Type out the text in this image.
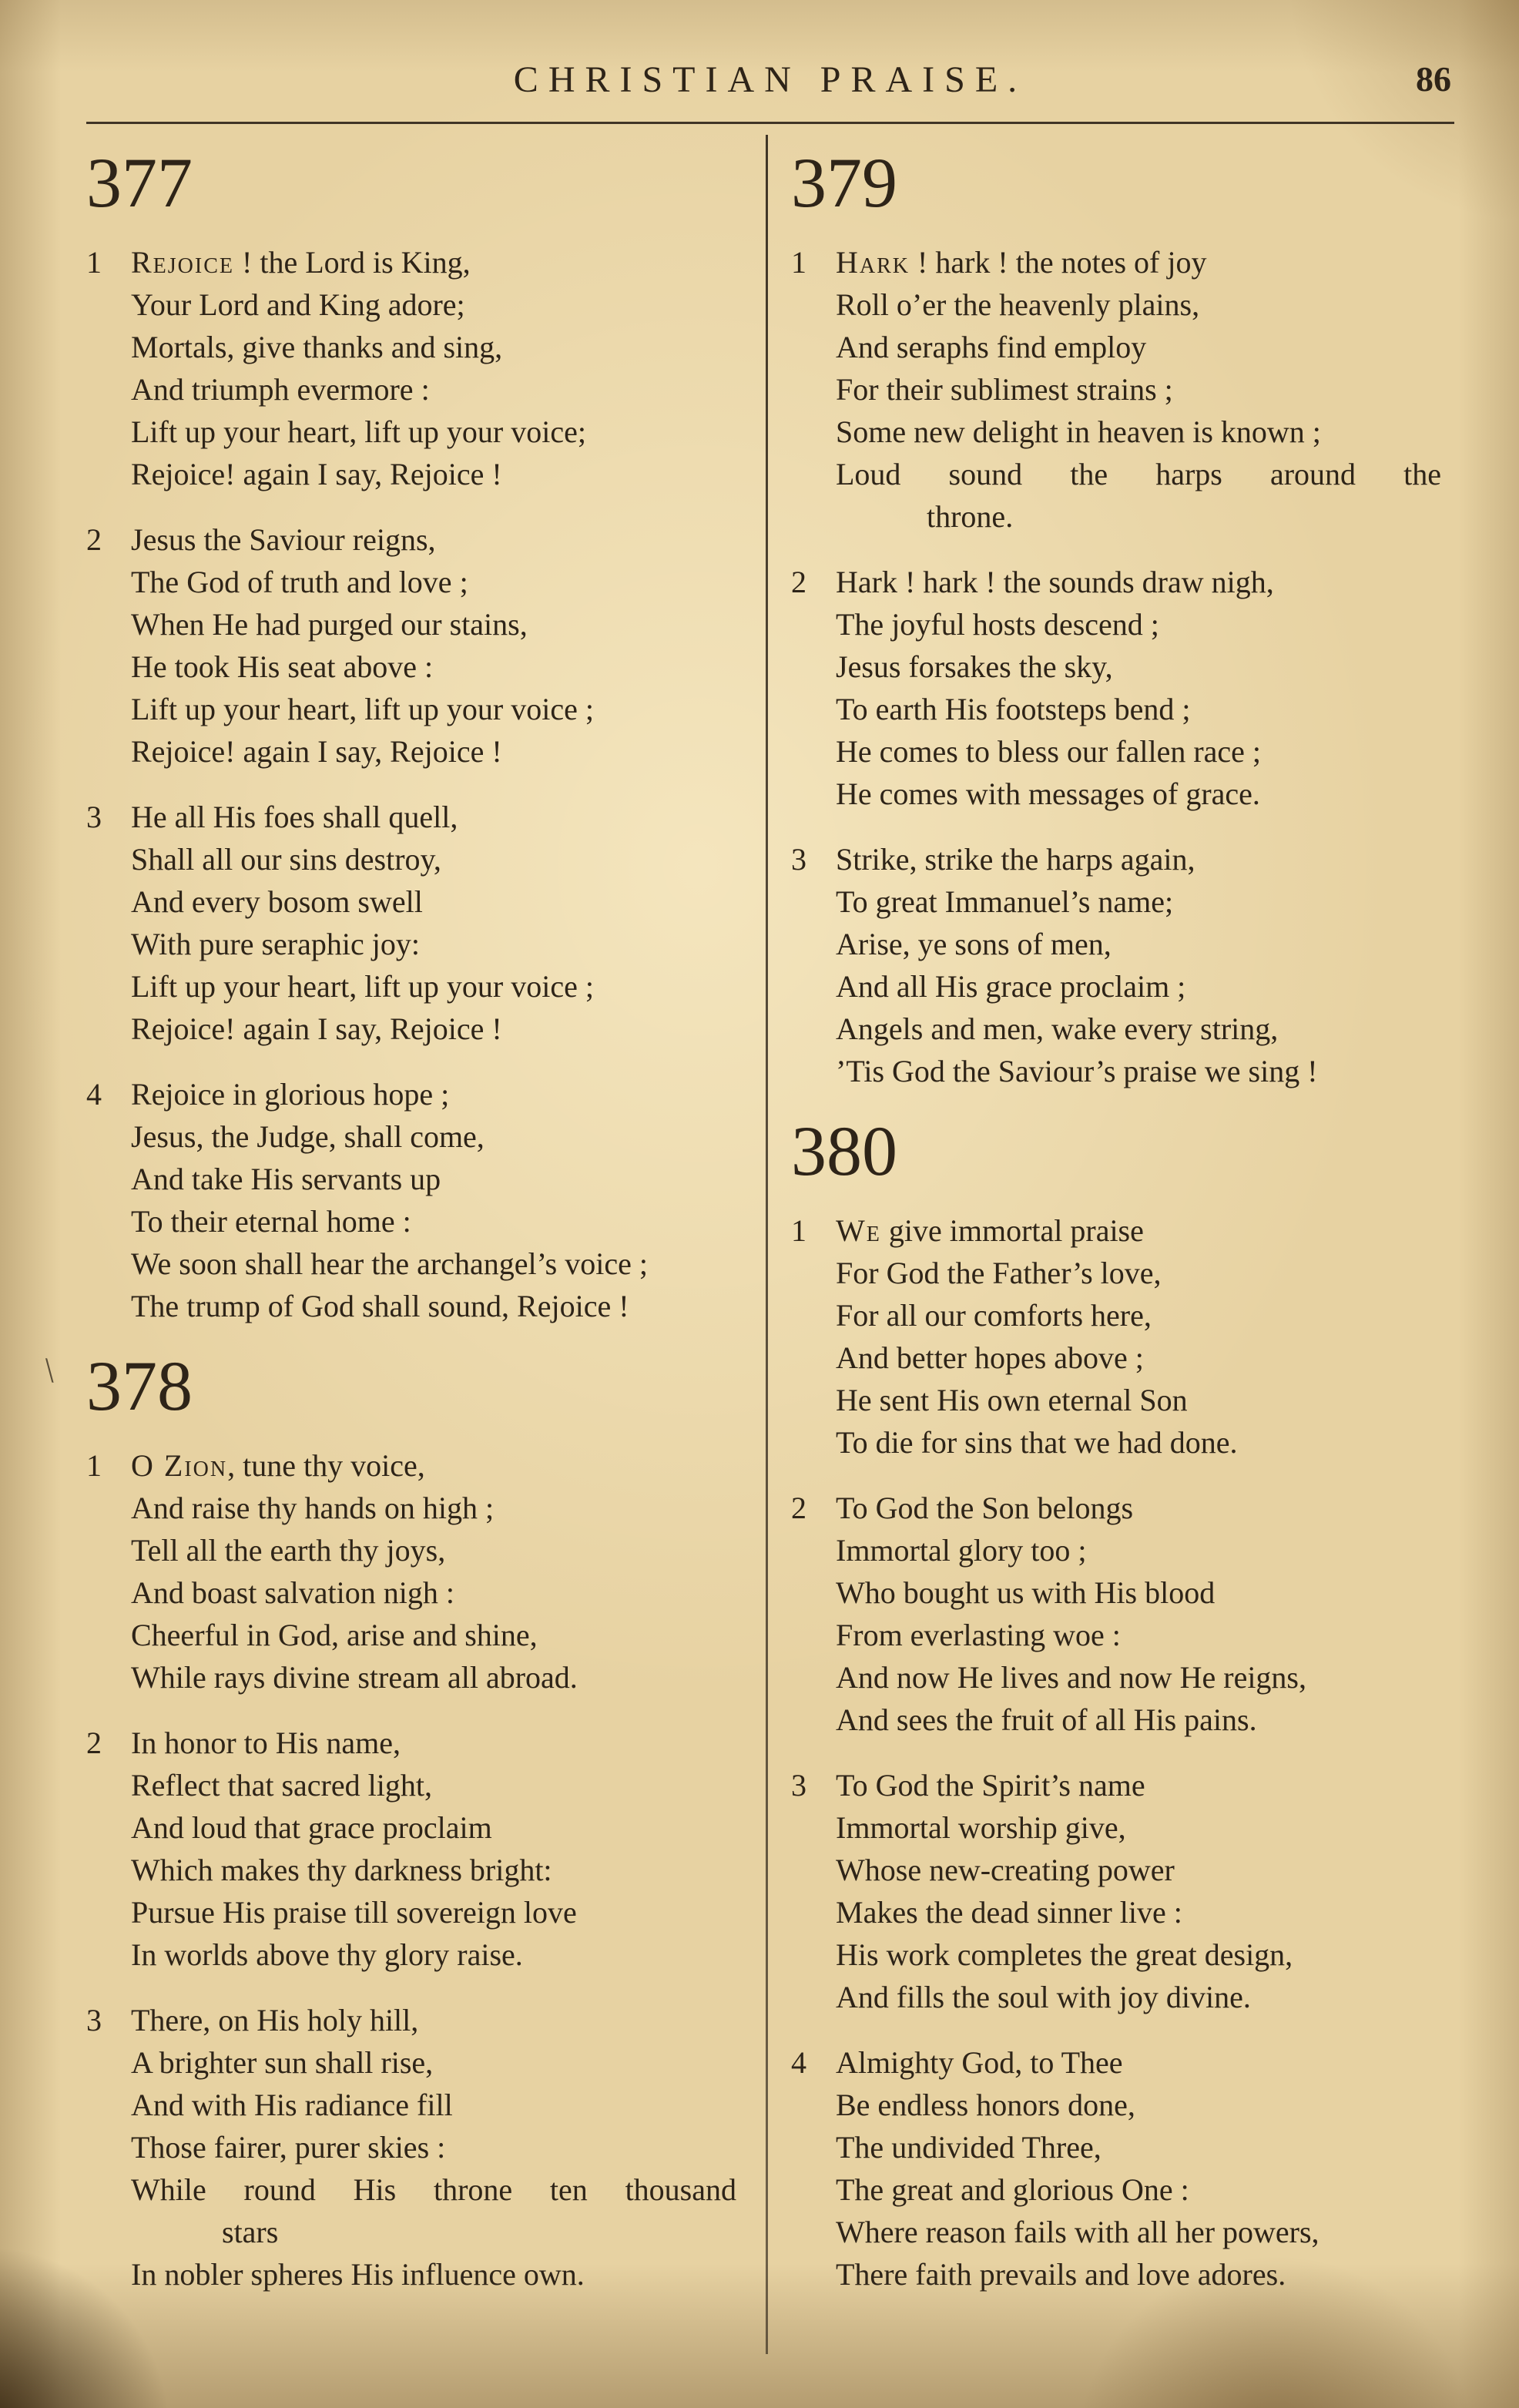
CHRISTIAN PRAISE.	86
377
1 Rejoice ! the Lord is King,
Your Lord and King adore;
Mortals, give thanks and sing,
And triumph evermore :
Lift up your heart, lift up your voice;
Rejoice! again I say, Rejoice !
2 Jesus the Saviour reigns,
The God of truth and love ;
When He had purged our stains,
He took His seat above :
Lift up your heart, lift up your voice ;
Rejoice! again I say, Rejoice !
3 He all His foes shall quell,
Shall all our sins destroy,
And every bosom swell
With pure seraphic joy:
Lift up your heart, lift up your voice ;
Rejoice! again I say, Rejoice !
4 Rejoice in glorious hope ;
Jesus, the Judge, shall come,
And take His servants up
To their eternal home :
We soon shall hear the archangel’s voice ;
The trump of God shall sound, Rejoice !
378
1 O Zion, tune thy voice,
And raise thy hands on high ;
Tell all the earth thy joys,
And boast salvation nigh :
Cheerful in God, arise and shine,
While rays divine stream all abroad.
2 In honor to His name,
Reflect that sacred light,
And loud that grace proclaim
Which makes thy darkness bright:
Pursue His praise till sovereign love
In worlds above thy glory raise.
3 There, on His holy hill,
A brighter sun shall rise,
And with His radiance fill
Those fairer, purer skies :
While round His throne ten thousand
stars
In nobler spheres His influence own.
379
1 Hark ! hark ! the notes of joy
Roll o’er the heavenly plains,
And seraphs find employ
For their sublimest strains ;
Some new delight in heaven is known ;
Loud sound the harps around the
throne.
2 Hark ! hark ! the sounds draw nigh,
The joyful hosts descend ;
Jesus forsakes the sky,
To earth His footsteps bend ;
He comes to bless our fallen race ;
He comes with messages of grace.
3 Strike, strike the harps again,
To great Immanuel’s name;
Arise, ye sons of men,
And all His grace proclaim ;
Angels and men, wake every string,
’Tis God the Saviour’s praise we sing !
380
1 We give immortal praise
For God the Father’s love,
For all our comforts here,
And better hopes above ;
He sent His own eternal Son
To die for sins that we had done.
2 To God the Son belongs
Immortal glory too ;
Who bought us with His blood
From everlasting woe :
And now He lives and now He reigns,
And sees the fruit of all His pains.
3 To God the Spirit’s name
Immortal worship give,
Whose new-creating power
Makes the dead sinner live :
His work completes the great design,
And fills the soul with joy divine.
4 Almighty God, to Thee
Be endless honors done,
The undivided Three,
The great and glorious One :
Where reason fails with all her powers,
There faith prevails and love adores.
\
